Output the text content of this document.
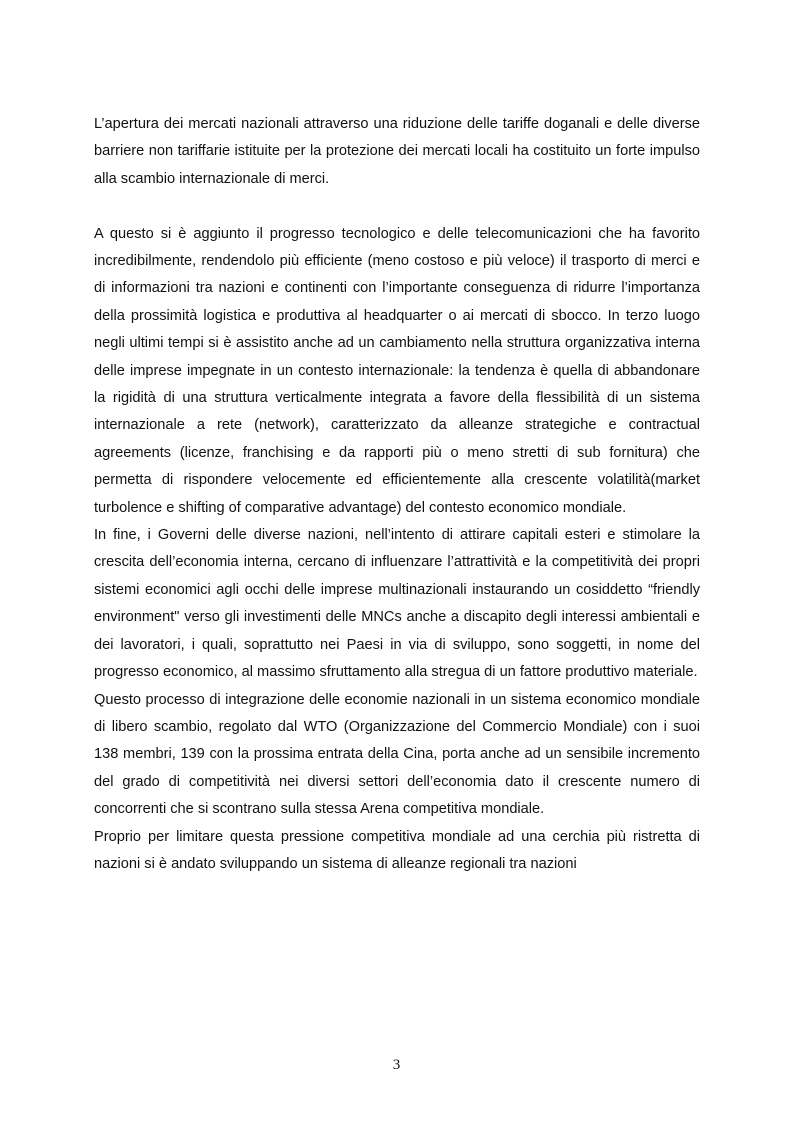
L’apertura dei mercati nazionali attraverso una riduzione delle tariffe doganali e delle diverse barriere non tariffarie istituite per la protezione dei mercati locali ha costituito un forte impulso alla scambio internazionale di merci.

A questo si è aggiunto il progresso tecnologico e delle telecomunicazioni che ha favorito incredibilmente, rendendolo più efficiente (meno costoso e più veloce) il trasporto di merci e di informazioni tra nazioni e continenti con l’importante conseguenza di ridurre l’importanza della prossimità logistica e produttiva al headquarter o ai mercati di sbocco. In terzo luogo negli ultimi tempi si è assistito anche ad un cambiamento nella struttura organizzativa interna delle imprese impegnate in un contesto internazionale: la tendenza è quella di abbandonare la rigidità di una struttura verticalmente integrata a favore della flessibilità di un sistema internazionale a rete (network), caratterizzato da alleanze strategiche e contractual agreements (licenze, franchising e da rapporti più o meno stretti di sub fornitura) che permetta di rispondere velocemente ed efficientemente alla crescente volatilità(market turbolence e shifting of comparative advantage) del contesto economico mondiale.

In fine, i Governi delle diverse nazioni, nell’intento di attirare capitali esteri e stimolare la crescita dell’economia interna, cercano di influenzare l’attrattività e la competitività dei propri sistemi economici agli occhi delle imprese multinazionali instaurando un cosiddetto “friendly environment" verso gli investimenti delle MNCs anche a discapito degli interessi ambientali e dei lavoratori, i quali, soprattutto nei Paesi in via di sviluppo, sono soggetti, in nome del progresso economico, al massimo sfruttamento alla stregua di un fattore produttivo materiale.

Questo processo di integrazione delle economie nazionali in un sistema economico mondiale di libero scambio, regolato dal WTO (Organizzazione del Commercio Mondiale) con i suoi 138 membri, 139 con la prossima entrata della Cina, porta anche ad un sensibile incremento del grado di competitività nei diversi settori dell’economia dato il crescente numero di concorrenti che si scontrano sulla stessa Arena competitiva mondiale.

Proprio per limitare questa pressione competitiva mondiale ad una cerchia più ristretta di nazioni si è andato sviluppando un sistema di alleanze regionali tra nazioni

3
